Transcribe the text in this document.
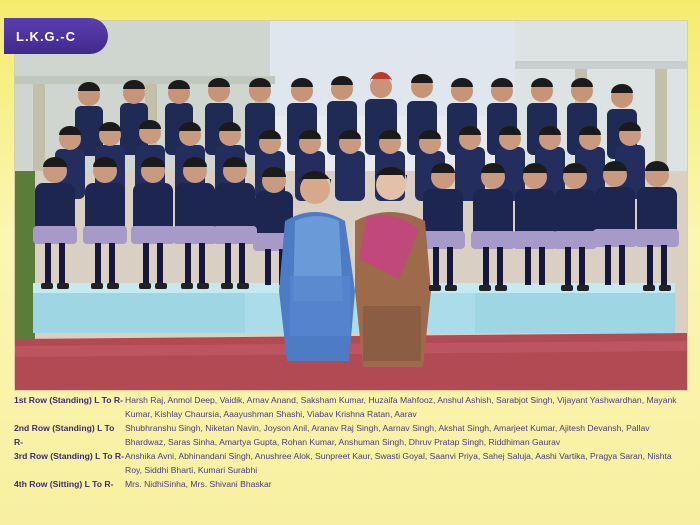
L.K.G.-C
1st Row (Standing) L To R- Harsh Raj, Anmol Deep, Vaidik, Arnav Anand, Saksham Kumar, Huzaifa Mahfooz, Anshul Ashish, Sarabjot Singh, Vijayant Yashwardhan, Mayank Kumar, Kishlay Chaursia, Aaayushman Shashi, Viabav Krishna Ratan, Aarav
2nd Row (Standing) L To R-
Shubhranshu Singh, Niketan Navin, Joyson Anil, Aranav Raj Singh, Aarnav Singh, Akshat Singh, Amarjeet Kumar, Ajitesh Devansh, Pallav Bhardwaz, Saras Sinha, Amartya Gupta, Rohan Kumar, Anshuman Singh, Dhruv Pratap Singh, Riddhiman Gaurav
3rd Row (Standing) L To R- Anshika Avni, Abhinandani Singh, Anushree Alok, Sunpreet Kaur, Swasti Goyal, Saanvi Priya, Sahej Saluja, Aashi Vartika, Pragya Saran, Nishta Roy, Siddhi Bharti, Kumari Surabhi
4th Row (Sitting) L To R-	Mrs. NidhiSinha, Mrs. Shivani Bhaskar
